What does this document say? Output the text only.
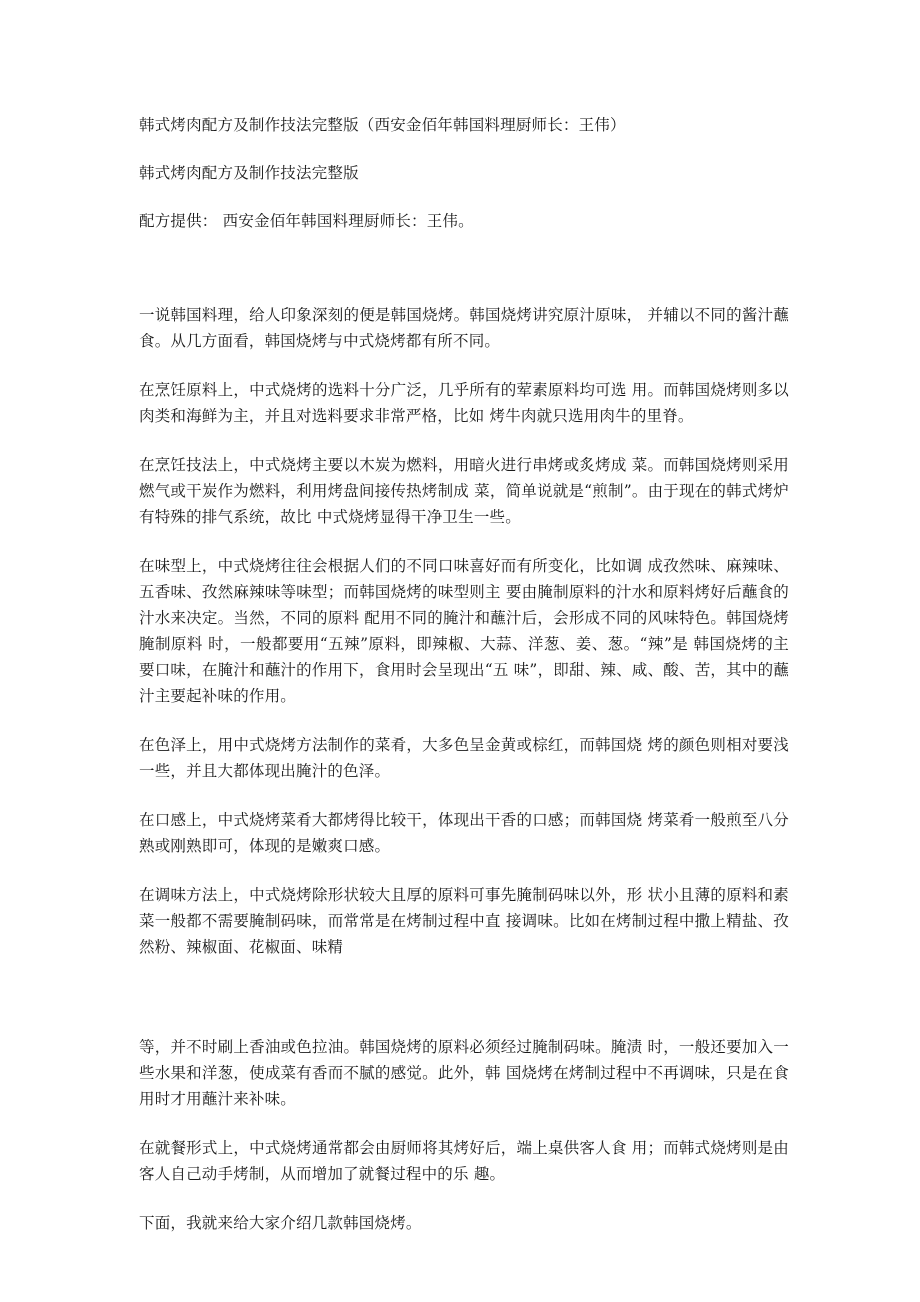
韩式烤肉配方及制作技法完整版（西安金佰年韩国料理厨师长：王伟）

韩式烤肉配方及制作技法完整版

配方提供： 西安金佰年韩国料理厨师长：王伟。

一说韩国料理，给人印象深刻的便是韩国烧烤。韩国烧烤讲究原汁原味， 并辅以不同的酱汁蘸食。从几方面看，韩国烧烤与中式烧烤都有所不同。

在烹饪原料上，中式烧烤的选料十分广泛，几乎所有的荤素原料均可选 用。而韩国烧烤则多以肉类和海鲜为主，并且对选料要求非常严格，比如 烤牛肉就只选用肉牛的里脊。

在烹饪技法上，中式烧烤主要以木炭为燃料，用暗火进行串烤或炙烤成 菜。而韩国烧烤则采用燃气或干炭作为燃料，利用烤盘间接传热烤制成 菜，简单说就是“煎制”。由于现在的韩式烤炉有特殊的排气系统，故比 中式烧烤显得干净卫生一些。

在味型上，中式烧烤往往会根据人们的不同口味喜好而有所变化，比如调 成孜然味、麻辣味、五香味、孜然麻辣味等味型；而韩国烧烤的味型则主 要由腌制原料的汁水和原料烤好后蘸食的汁水来决定。当然，不同的原料 配用不同的腌汁和蘸汁后，会形成不同的风味特色。韩国烧烤腌制原料 时，一般都要用“五辣”原料，即辣椒、大蒜、洋葱、姜、葱。“辣”是 韩国烧烤的主要口味，在腌汁和蘸汁的作用下，食用时会呈现出“五 味”，即甜、辣、咸、酸、苦，其中的蘸汁主要起补味的作用。

在色泽上，用中式烧烤方法制作的菜肴，大多色呈金黄或棕红，而韩国烧 烤的颜色则相对要浅一些，并且大都体现出腌汁的色泽。

在口感上，中式烧烤菜肴大都烤得比较干，体现出干香的口感；而韩国烧 烤菜肴一般煎至八分熟或刚熟即可，体现的是嫩爽口感。

在调味方法上，中式烧烤除形状较大且厚的原料可事先腌制码味以外，形 状小且薄的原料和素菜一般都不需要腌制码味，而常常是在烤制过程中直 接调味。比如在烤制过程中撒上精盐、孜然粉、辣椒面、花椒面、味精

等，并不时刷上香油或色拉油。韩国烧烤的原料必须经过腌制码味。腌渍 时，一般还要加入一些水果和洋葱，使成菜有香而不腻的感觉。此外，韩 国烧烤在烤制过程中不再调味，只是在食用时才用蘸汁来补味。

在就餐形式上，中式烧烤通常都会由厨师将其烤好后，端上桌供客人食 用；而韩式烧烤则是由客人自己动手烤制，从而增加了就餐过程中的乐 趣。

下面，我就来给大家介绍几款韩国烧烤。
